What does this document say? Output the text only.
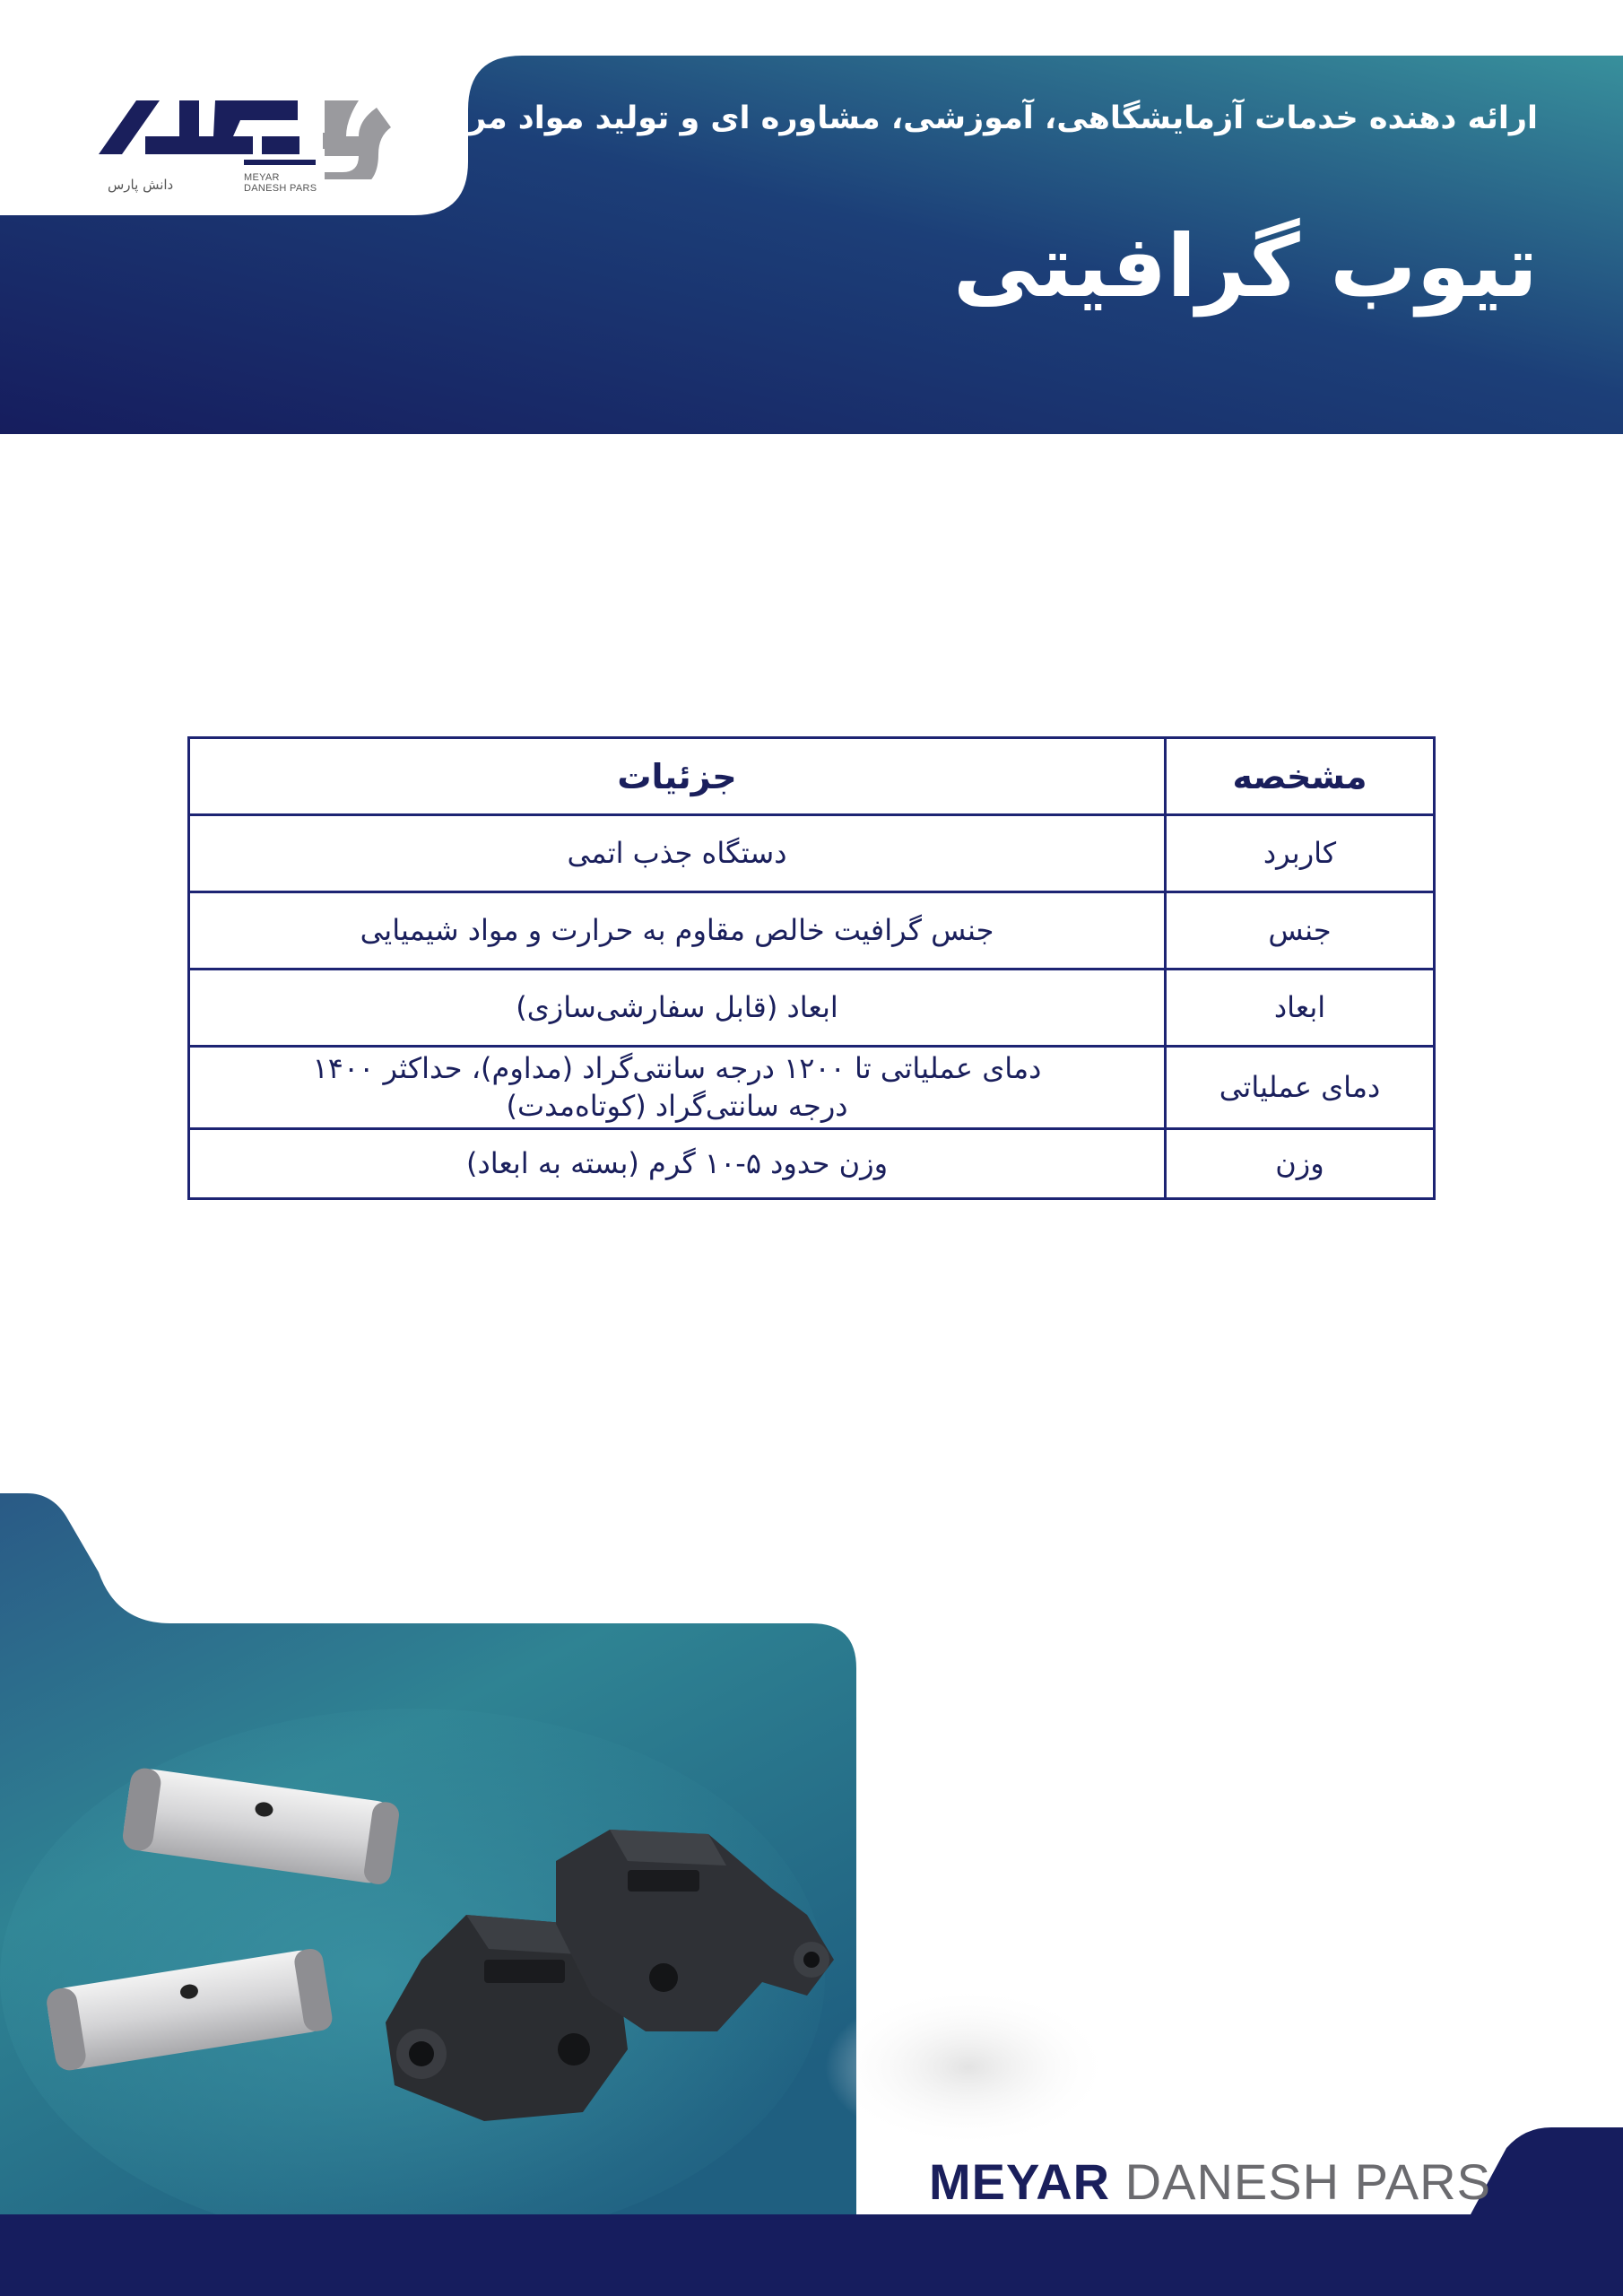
دانش پارس	MEYAR
DANESH PARS
ارائه دهنده خدمات آزمایشگاهی، آموزشی، مشاوره ای و تولید مواد مرجع
تیوب گرافیتی
مشخصه	جزئیات
کاربرد	دستگاه جذب اتمی
جنس	جنس گرافیت خالص مقاوم به حرارت و مواد شیمیایی
ابعاد	ابعاد (قابل سفارشی‌سازی)
دمای عملیاتی	دمای عملیاتی تا ۱۲۰۰ درجه سانتی‌گراد (مداوم)، حداکثر ۱۴۰۰
درجه سانتی‌گراد (کوتاه‌مدت)

وزن	وزن حدود ۵-۱۰ گرم (بسته به ابعاد)
MEYAR DANESH PARS
